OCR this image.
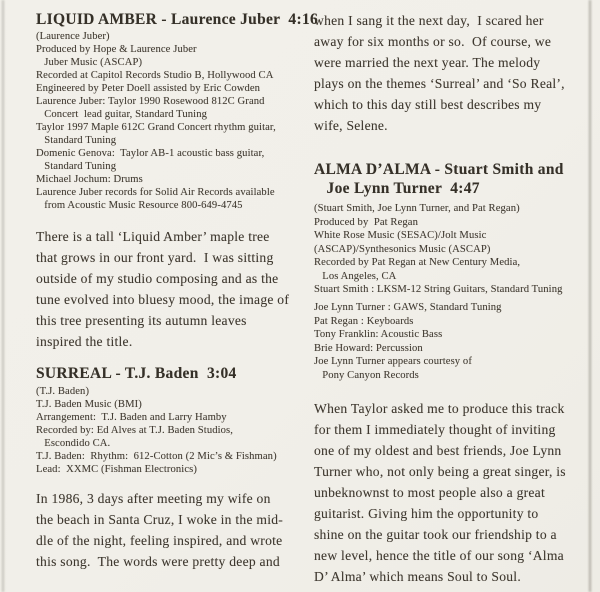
LIQUID AMBER - Laurence Juber  4:16
(Laurence Juber)
Produced by Hope & Laurence Juber
Juber Music (ASCAP)
Recorded at Capitol Records Studio B, Hollywood CA
Engineered by Peter Doell assisted by Eric Cowden
Laurence Juber: Taylor 1990 Rosewood 812C Grand
Concert  lead guitar, Standard Tuning
Taylor 1997 Maple 612C Grand Concert rhythm guitar,
Standard Tuning
Domenic Genova:  Taylor AB-1 acoustic bass guitar,
Standard Tuning
Michael Jochum: Drums
Laurence Juber records for Solid Air Records available
from Acoustic Music Resource 800-649-4745
There is a tall ‘Liquid Amber’ maple tree
that grows in our front yard.  I was sitting
outside of my studio composing and as the
tune evolved into bluesy mood, the image of
this tree presenting its autumn leaves
inspired the title.
SURREAL - T.J. Baden  3:04
(T.J. Baden)
T.J. Baden Music (BMI)
Arrangement:  T.J. Baden and Larry Hamby
Recorded by: Ed Alves at T.J. Baden Studios,
Escondido CA.
T.J. Baden:  Rhythm:  612-Cotton (2 Mic’s & Fishman)
Lead:  XXMC (Fishman Electronics)
In 1986, 3 days after meeting my wife on
the beach in Santa Cruz, I woke in the mid-
dle of the night, feeling inspired, and wrote
this song.  The words were pretty deep and
when I sang it the next day,  I scared her
away for six months or so.  Of course, we
were married the next year. The melody
plays on the themes ‘Surreal’ and ‘So Real’,
which to this day still best describes my
wife, Selene.
ALMA D’ALMA - Stuart Smith and
Joe Lynn Turner  4:47
(Stuart Smith, Joe Lynn Turner, and Pat Regan)
Produced by  Pat Regan
White Rose Music (SESAC)/Jolt Music
(ASCAP)/Synthesonics Music (ASCAP)
Recorded by Pat Regan at New Century Media,
Los Angeles, CA
Stuart Smith : LKSM-12 String Guitars, Standard Tuning
Joe Lynn Turner : GAWS, Standard Tuning
Pat Regan : Keyboards
Tony Franklin: Acoustic Bass
Brie Howard: Percussion
Joe Lynn Turner appears courtesy of
Pony Canyon Records
When Taylor asked me to produce this track
for them I immediately thought of inviting
one of my oldest and best friends, Joe Lynn
Turner who, not only being a great singer, is
unbeknownst to most people also a great
guitarist. Giving him the opportunity to
shine on the guitar took our friendship to a
new level, hence the title of our song ‘Alma
D’ Alma’ which means Soul to Soul.
